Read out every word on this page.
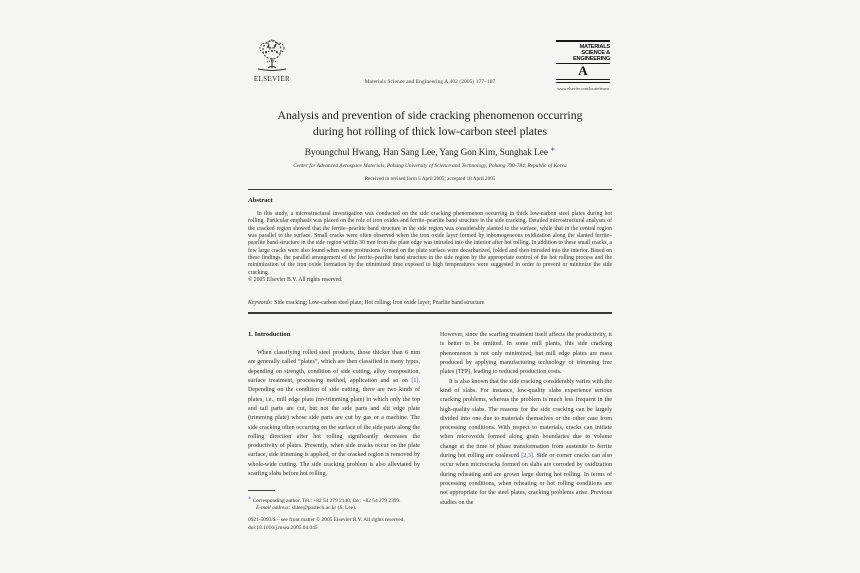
ELSEVIER	Materials Science and Engineering A 402 (2005) 177–187
MATERIALS
SCIENCE &
ENGINEERING
A
www.elsevier.com/locate/msea
Analysis and prevention of side cracking phenomenon occurring
during hot rolling of thick low-carbon steel plates
Byoungchul Hwang, Han Sang Lee, Yang Gon Kim, Sunghak Lee ∗
Center for Advanced Aerospace Materials, Pohang University of Science and Technology, Pohang 790-784, Republic of Korea
Received in revised form 5 April 2005; accepted 18 April 2005
Abstract
In this study, a microstructural investigation was conducted on the side cracking phenomenon occurring in thick low-carbon steel plates during hot rolling. Particular emphasis was placed on the role of iron oxides and ferrite–pearlite band structure in the side cracking. Detailed microstructural analyses of the cracked region showed that the ferrite–pearlite band structure in the side region was considerably slanted to the surface, while that in the central region was parallel to the surface. Small cracks were often observed when the iron oxide layer formed by inhomogeneous oxidization along the slanted ferrite–pearlite band structure in the side region within 30 mm from the plate edge was intruded into the interior after hot rolling. In addition to these small cracks, a few large cracks were also found when some protrusions formed on the plate surface were decarburized, folded and then intruded into the interior. Based on these findings, the parallel arrangement of the ferrite–pearlite band structure in the side region by the appropriate control of the hot rolling process and the minimization of the iron oxide formation by the minimized time exposed to high temperatures were suggested in order to prevent or minimize the side cracking.
© 2005 Elsevier B.V. All rights reserved.
Keywords: Side cracking; Low-carbon steel plate; Hot rolling; Iron oxide layer; Pearlite band structure
1. Introduction
When classifying rolled steel products, those thicker than 6 mm are generally called “plates”, which are then classified in many types, depending on strength, condition of side cutting, alloy composition, surface treatment, processing method, application and so on [1]. Depending on the condition of side cutting, there are two kinds of plates, i.e., mill edge plate (no-trimming plate) in which only the top and tail parts are cut, but not the side parts and slit edge plate (trimming plate) whose side parts are cut by gas or a machine. The side cracking often occurring on the surface of the side parts along the rolling direction after hot rolling significantly decreases the productivity of plates. Presently, when side cracks occur on the plate surface, side trimming is applied, or the cracked region is removed by whole-wide cutting. The side cracking problem is also alleviated by scarfing slabs before hot rolling.
However, since the scarfing treatment itself affects the productivity, it is better to be omitted. In some mill plants, this side cracking phenomenon is not only minimized, but mill edge plates are mass produced by applying manufacturing technology of trimming free plates (TFP), leading to reduced production costs.
It is also known that the side cracking considerably varies with the kind of slabs. For instance, low-quality slabs experience serious cracking problems, whereas the problem is much less frequent in the high-quality slabs. The reasons for the side cracking can be largely divided into one due to materials themselves or the other case from processing conditions. With respect to materials, cracks can initiate when microvoids formed along grain boundaries due to volume change at the time of phase transformation from austenite to ferrite during hot rolling are coalesced [2,3]. Side or corner cracks can also occur when microcracks formed on slabs are corroded by oxidization during reheating and are grown large during hot rolling. In terms of processing conditions, when reheating or hot rolling conditions are not appropriate for the steel plates, cracking problems arise. Previous studies on the
∗ Corresponding author. Tel.: +82 54 279 2140; fax: +82 54 279 2399.
E-mail address: shlee@postech.ac.kr (S. Lee).
0921-5093/$ – see front matter © 2005 Elsevier B.V. All rights reserved.
doi:10.1016/j.msea.2005.04.045
